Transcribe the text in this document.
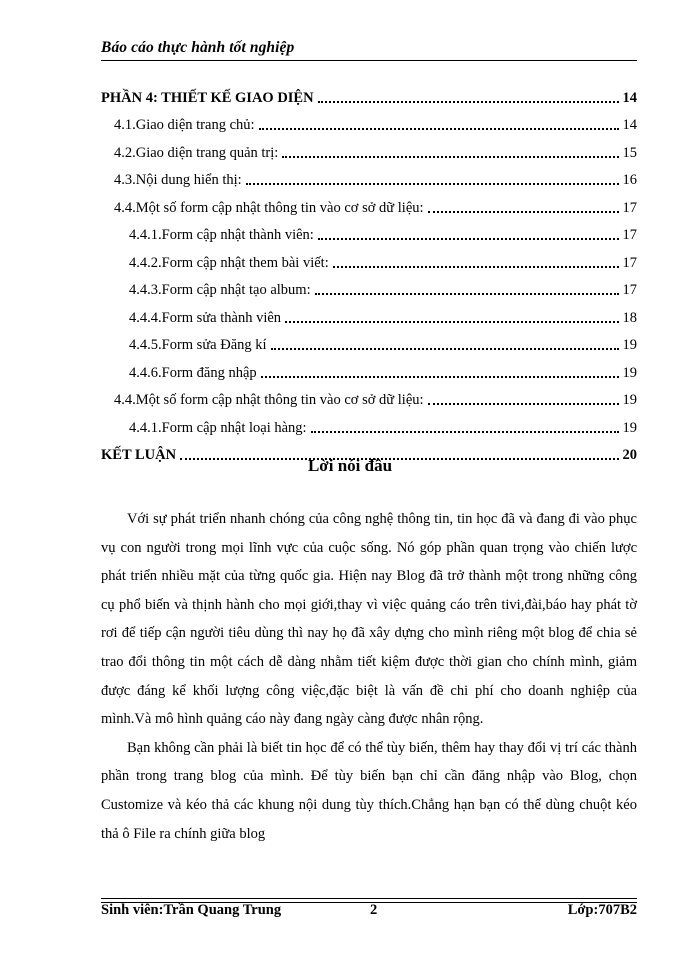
Báo cáo thực hành tốt nghiệp
PHẦN 4: THIẾT KẾ GIAO DIỆN	14
4.1.Giao diện trang chủ:	14
4.2.Giao diện trang quản trị:	15
4.3.Nội dung hiển thị:	16
4.4.Một số form cập nhật thông tin vào cơ sở dữ liệu:	17
4.4.1.Form cập nhật thành viên:	17
4.4.2.Form cập nhật them bài viết:	17
4.4.3.Form cập nhật tạo album:	17
4.4.4.Form sửa thành viên	18
4.4.5.Form sửa Đăng kí	19
4.4.6.Form đăng nhập	19
4.4.Một số form cập nhật thông tin vào cơ sở dữ liệu:	19
4.4.1.Form cập nhật loại hàng:	19
KẾT LUẬN	20
Lời nói đầu

Với sự phát triển nhanh chóng của công nghệ thông tin, tin học đã và đang đi vào phục vụ con người trong mọi lĩnh vực của cuộc sống. Nó góp phần quan trọng vào chiến lược phát triển nhiều mặt của từng quốc gia. Hiện nay Blog đã trở thành một trong những công cụ phổ biến và thịnh hành cho mọi giới,thay vì việc quảng cáo trên tivi,đài,báo hay phát tờ rơi để tiếp cận người tiêu dùng thì nay họ đã xây dựng cho mình riêng một blog để chia sẻ trao đổi thông tin một cách dễ dàng nhằm tiết kiệm được thời gian cho chính mình, giảm được đáng kể khối lượng công việc,đặc biệt là vấn đề chi phí cho doanh nghiệp của mình.Và mô hình quảng cáo này đang ngày càng được nhân rộng.

Bạn không cần phải là biết tin học để có thể tùy biến, thêm hay thay đổi vị trí các thành phần trong trang blog của mình. Để tùy biến bạn chỉ cần đăng nhập vào Blog, chọn Customize và kéo thả các khung nội dung tùy thích.Chẳng hạn bạn có thể dùng chuột kéo thả ô File ra chính giữa blog

Sinh viên:Trần Quang Trung	2	Lớp:707B2
